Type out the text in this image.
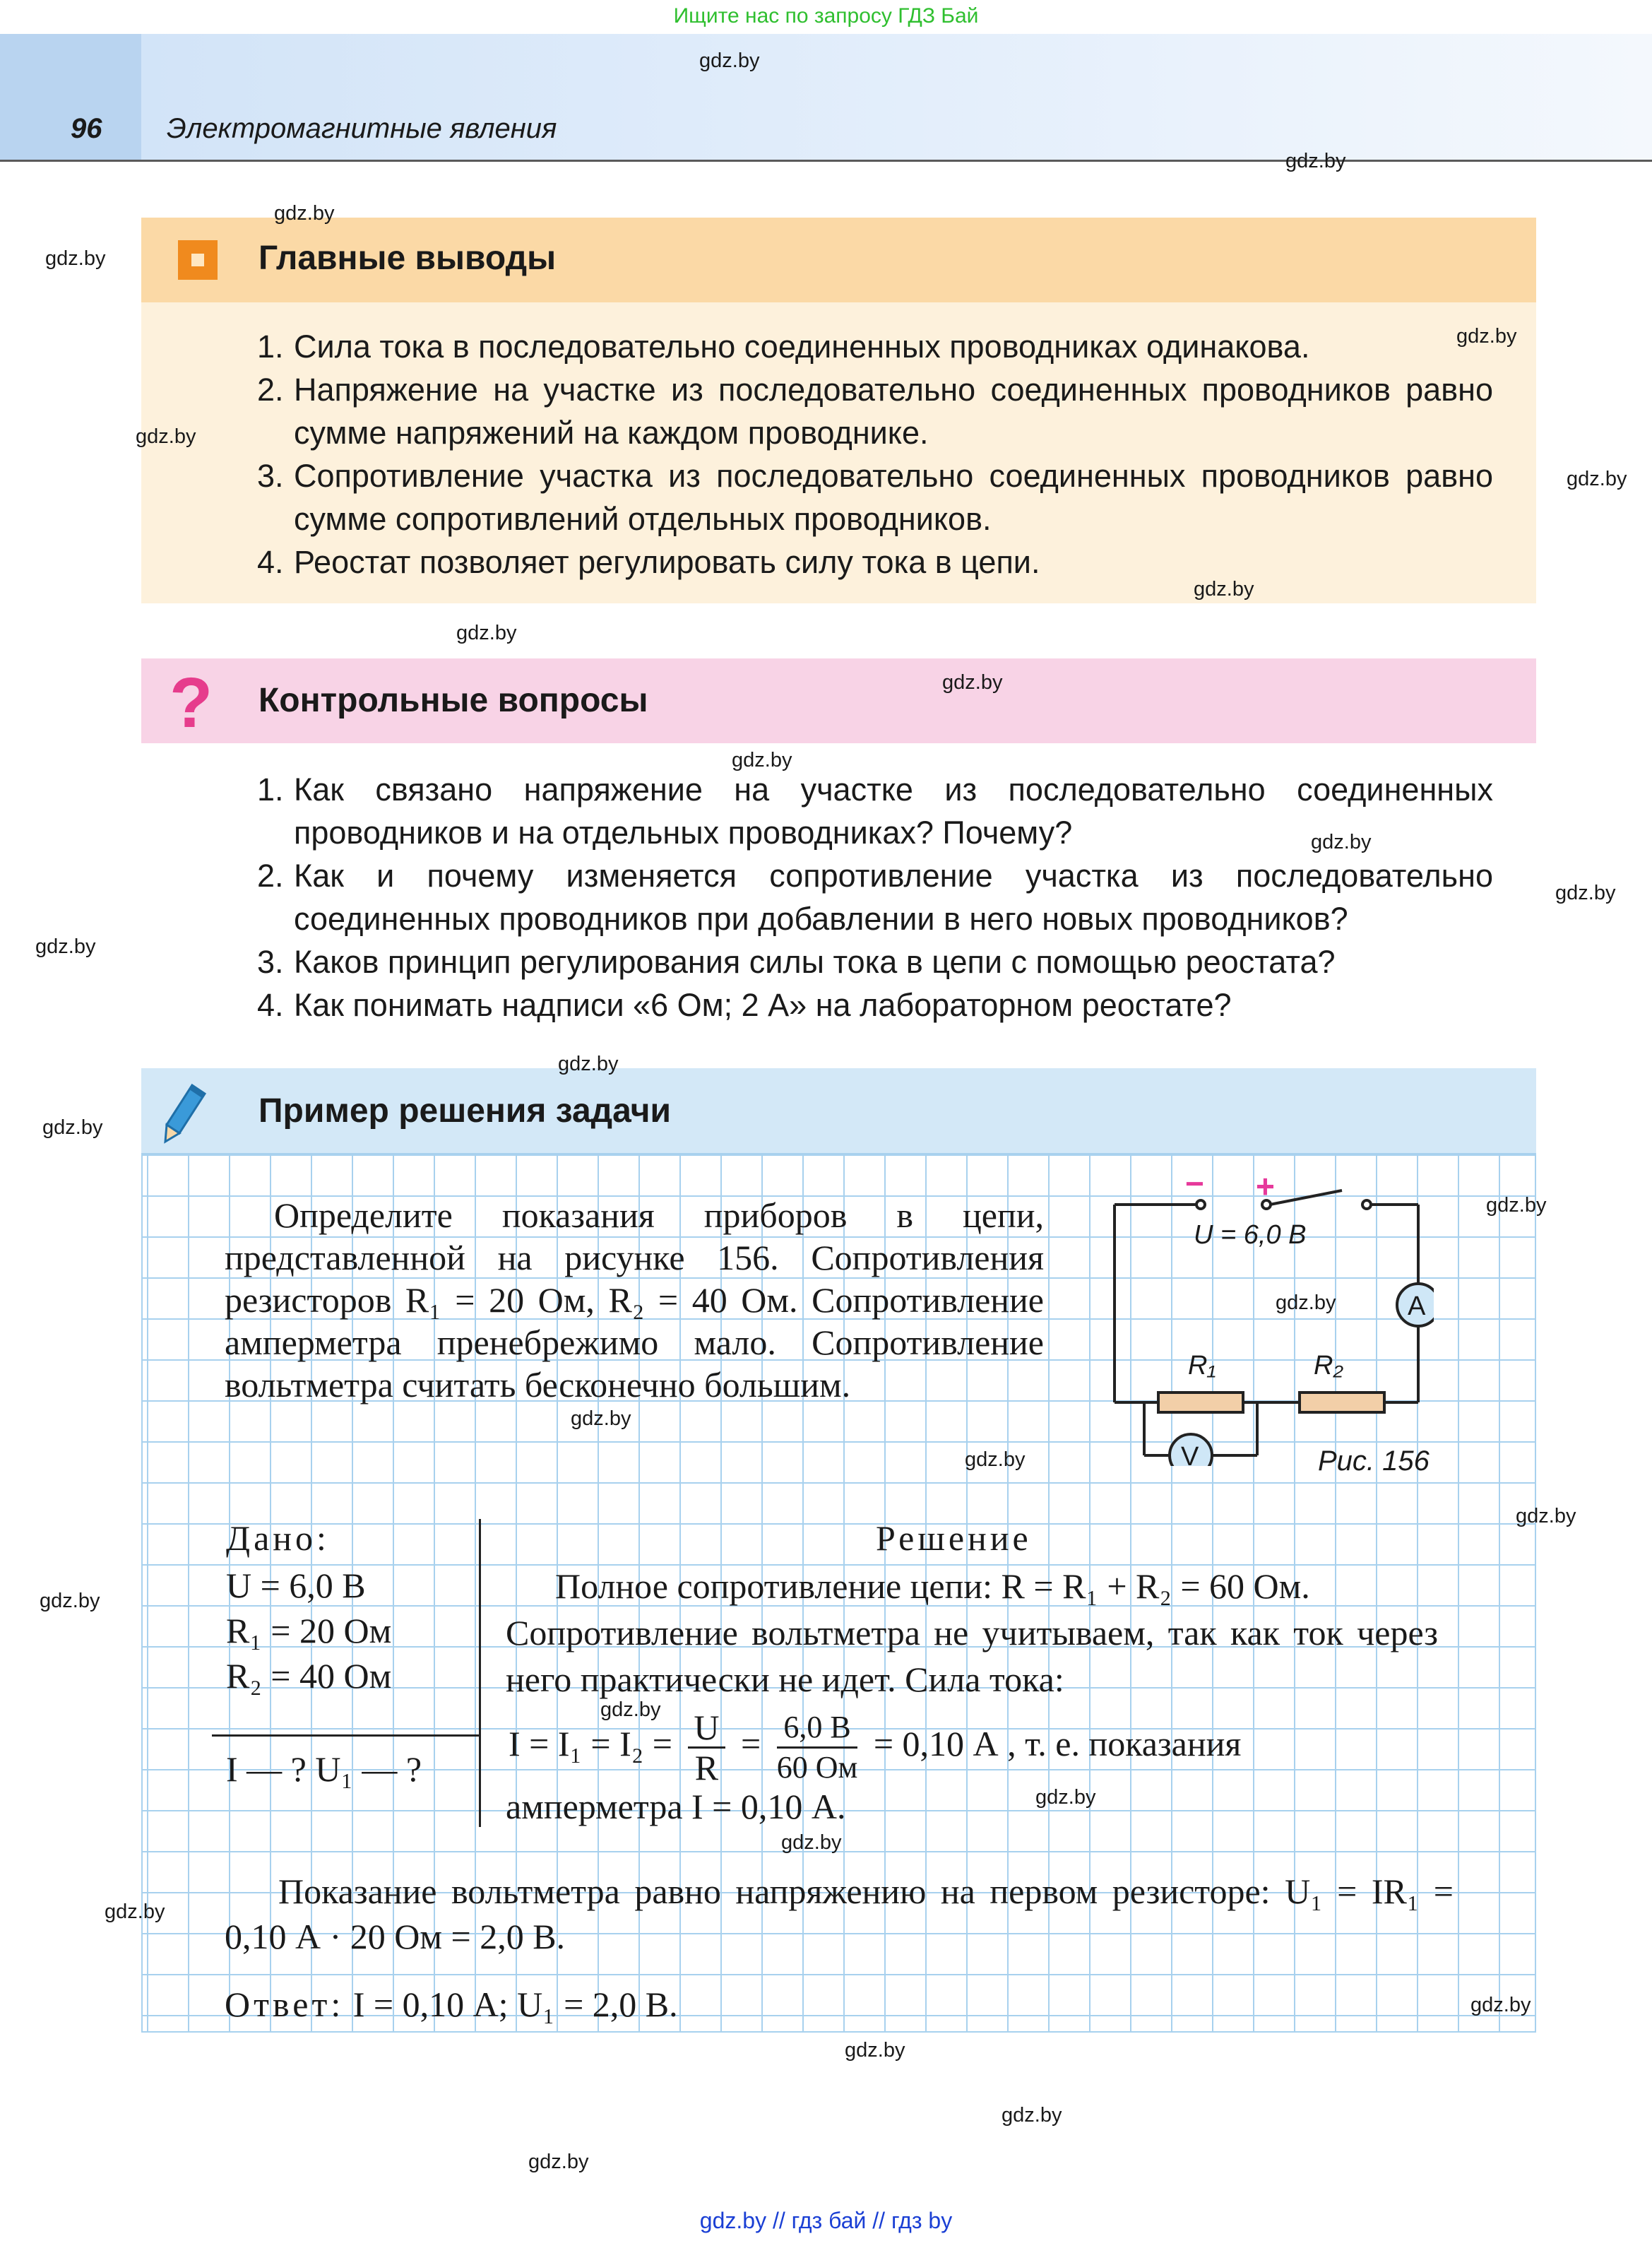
Ищите нас по запросу ГДЗ Бай
96 Электромагнитные явления
Главные выводы
1. Сила тока в последовательно соединенных проводниках одинакова.
2. Напряжение на участке из последовательно соединенных проводников равно сумме напряжений на каждом проводнике.
3. Сопротивление участка из последовательно соединенных проводников равно сумме сопротивлений отдельных проводников.
4. Реостат позволяет регулировать силу тока в цепи.
? Контрольные вопросы
1. Как связано напряжение на участке из последовательно соединенных проводников и на отдельных проводниках? Почему?
2. Как и почему изменяется сопротивление участка из последовательно соединенных проводников при добавлении в него новых проводников?
3. Каков принцип регулирования силы тока в цепи с помощью реостата?
4. Как понимать надписи «6 Ом; 2 А» на лабораторном реостате?
Пример решения задачи

Определите показания приборов в цепи, представленной на рисунке 156. Сопротивления резисторов R₁ = 20 Ом, R₂ = 40 Ом. Сопротивление амперметра пренебрежимо мало. Сопротивление вольтметра считать бесконечно большим.

− +
U = 6,0 В
A
V
R₁	R₂
Рис. 156
Дано:
U = 6,0 В
R₁ = 20 Ом
R₂ = 40 Ом
I — ? U₁ — ?
Решение

Полное сопротивление цепи: R = R₁ + R₂ = 60 Ом.

Сопротивление вольтметра не учитываем, так как ток через него практически не идет. Сила тока:

$I = I_1 = I_2 = \frac{U}{R} = \frac{6,0 В}{60 Ом} = 0,10$ А , т. е. показания
амперметра I = 0,10 А.

Показание вольтметра равно напряжению на первом резисторе: U₁ = IR₁ = 0,10 А · 20 Ом = 2,0 В.

Ответ: I = 0,10 А; U₁ = 2,0 В.
gdz.by
gdz.by
gdz.by
gdz.by
gdz.by
gdz.by
gdz.by
gdz.by
gdz.by
gdz.by
gdz.by
gdz.by
gdz.by
gdz.by
gdz.by
gdz.by
gdz.by
gdz.by
gdz.by
gdz.by
gdz.by
gdz.by
gdz.by
gdz.by
gdz.by
gdz.by
gdz.by
gdz.by
gdz.by
gdz.by
gdz.by // гдз бай // гдз by
